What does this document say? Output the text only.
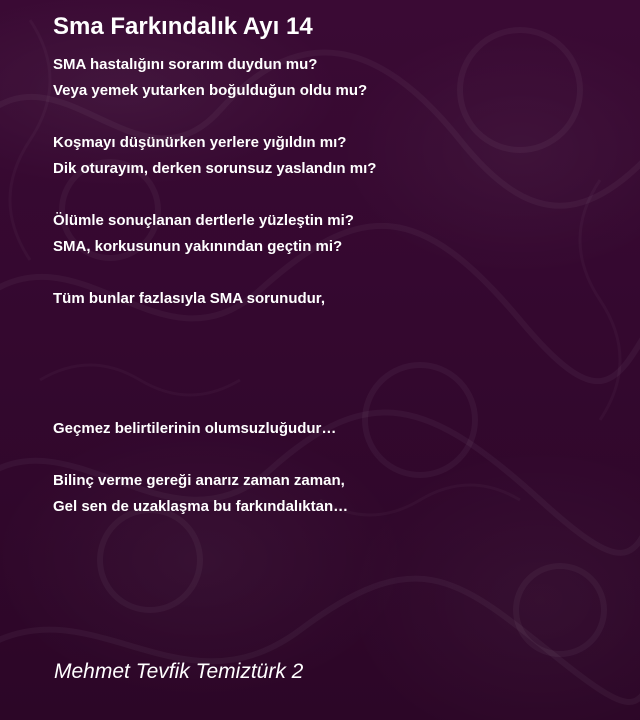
Sma Farkındalık Ayı 14
SMA hastalığını sorarım duydun mu?
Veya yemek yutarken boğulduğun oldu mu?
Koşmayı düşünürken yerlere yığıldın mı?
Dik oturayım, derken sorunsuz yaslandın mı?
Ölümle sonuçlanan dertlerle yüzleştin mi?
SMA, korkusunun yakınından geçtin mi?
Tüm bunlar fazlasıyla SMA sorunudur,
Geçmez belirtilerinin olumsuzluğudur…
Bilinç verme gereği anarız zaman zaman,
Gel sen de uzaklaşma bu farkındalıktan…
Mehmet Tevfik Temiztürk 2
